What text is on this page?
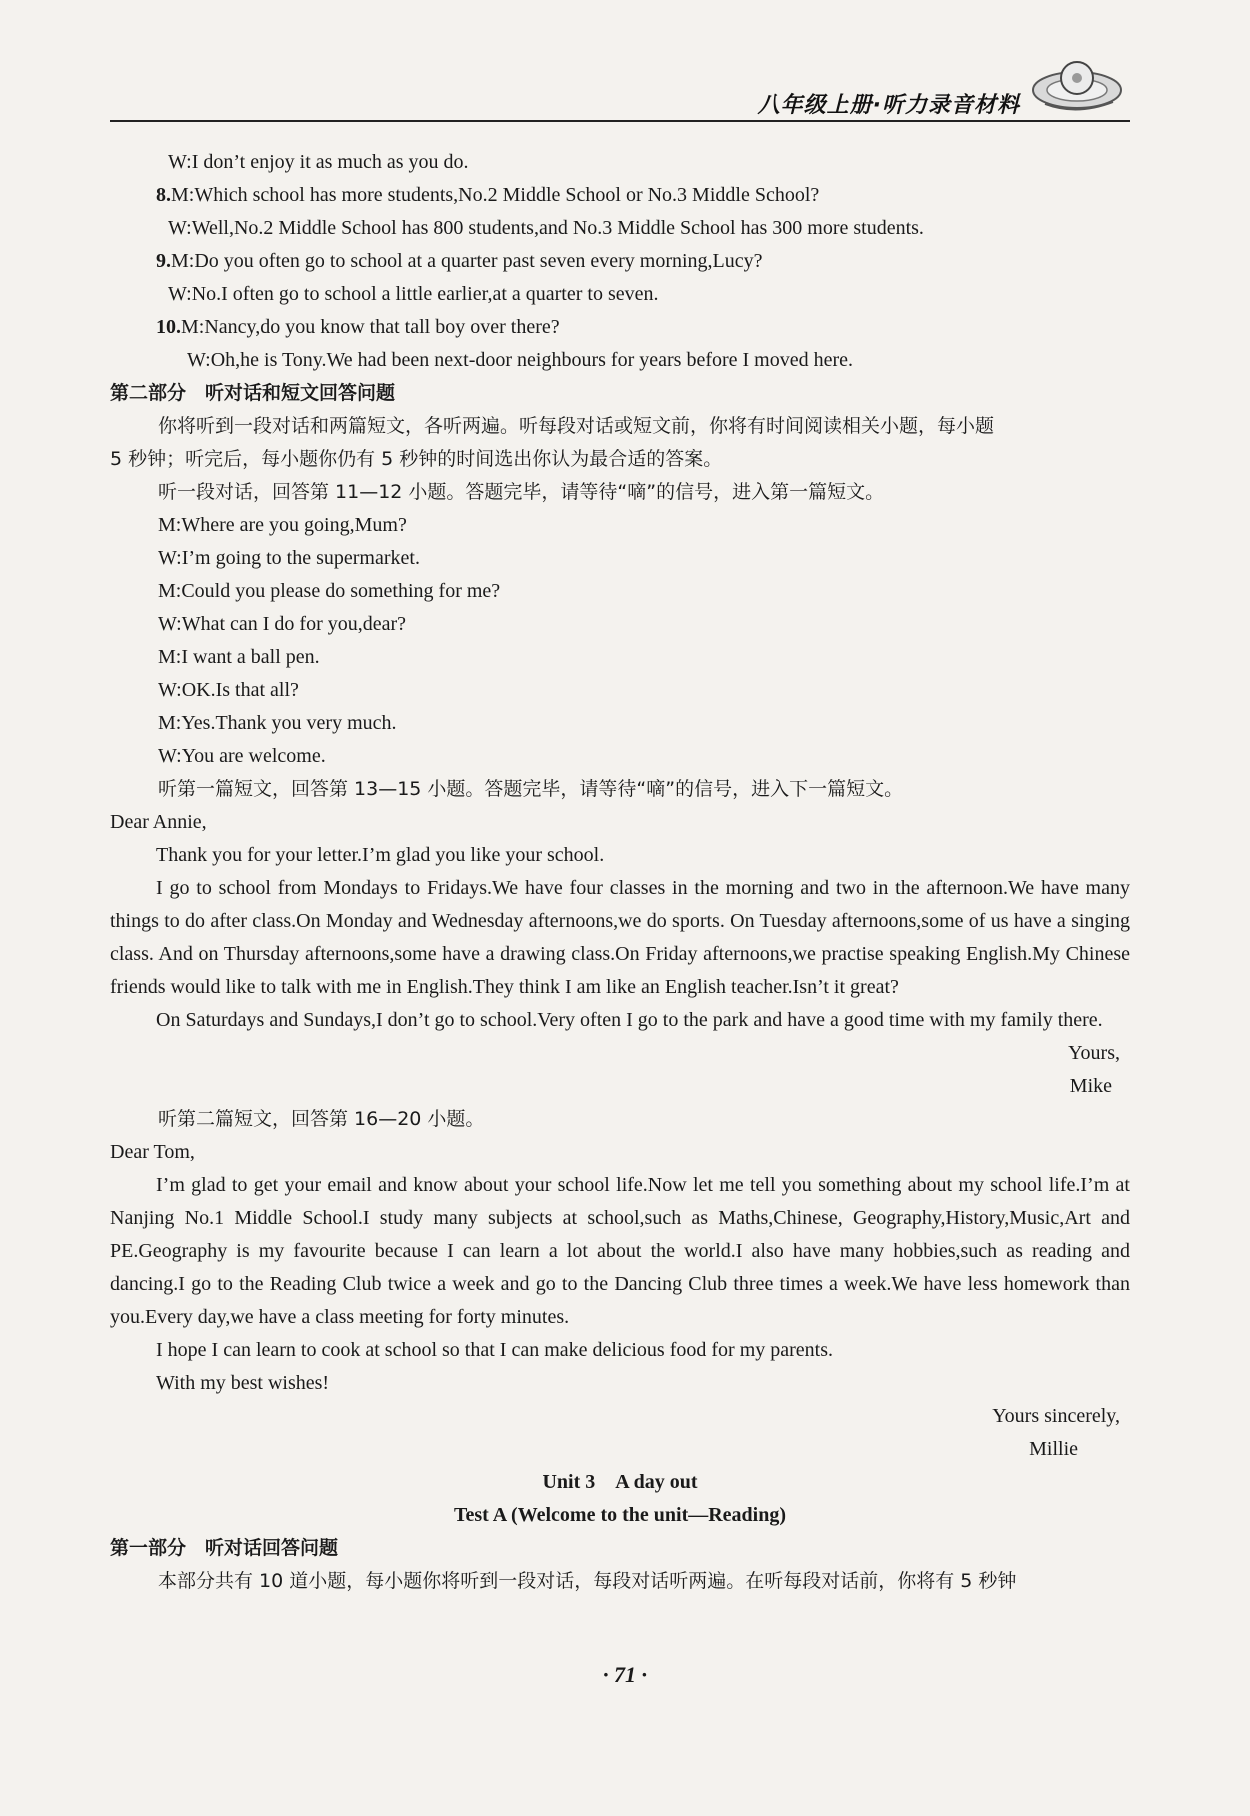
八年级上册·听力录音材料
W:I don’t enjoy it as much as you do.
8.M:Which school has more students,No.2 Middle School or No.3 Middle School?
W:Well,No.2 Middle School has 800 students,and No.3 Middle School has 300 more students.
9.M:Do you often go to school at a quarter past seven every morning,Lucy?
W:No.I often go to school a little earlier,at a quarter to seven.
10.M:Nancy,do you know that tall boy over there?
W:Oh,he is Tony.We had been next-door neighbours for years before I moved here.
第二部分　听对话和短文回答问题
你将听到一段对话和两篇短文，各听两遍。听每段对话或短文前，你将有时间阅读相关小题，每小题
5 秒钟；听完后，每小题你仍有 5 秒钟的时间选出你认为最合适的答案。
听一段对话，回答第 11—12 小题。答题完毕，请等待“嘀”的信号，进入第一篇短文。
M:Where are you going,Mum?
W:I’m going to the supermarket.
M:Could you please do something for me?
W:What can I do for you,dear?
M:I want a ball pen.
W:OK.Is that all?
M:Yes.Thank you very much.
W:You are welcome.
听第一篇短文，回答第 13—15 小题。答题完毕，请等待“嘀”的信号，进入下一篇短文。
Dear Annie,
Thank you for your letter.I’m glad you like your school.
I go to school from Mondays to Fridays.We have four classes in the morning and two in the afternoon.We have many things to do after class.On Monday and Wednesday afternoons,we do sports. On Tuesday afternoons,some of us have a singing class. And on Thursday afternoons,some have a drawing class.On Friday afternoons,we practise speaking English.My Chinese friends would like to talk with me in English.They think I am like an English teacher.Isn’t it great?
On Saturdays and Sundays,I don’t go to school.Very often I go to the park and have a good time with my family there.
Yours,
Mike
听第二篇短文，回答第 16—20 小题。
Dear Tom,
I’m glad to get your email and know about your school life.Now let me tell you something about my school life.I’m at Nanjing No.1 Middle School.I study many subjects at school,such as Maths,Chinese, Geography,History,Music,Art and PE.Geography is my favourite because I can learn a lot about the world.I also have many hobbies,such as reading and dancing.I go to the Reading Club twice a week and go to the Dancing Club three times a week.We have less homework than you.Every day,we have a class meeting for forty minutes.
I hope I can learn to cook at school so that I can make delicious food for my parents.
With my best wishes!
Yours sincerely,
Millie
Unit 3　A day out
Test A (Welcome to the unit—Reading)
第一部分　听对话回答问题
本部分共有 10 道小题，每小题你将听到一段对话，每段对话听两遍。在听每段对话前，你将有 5 秒钟
· 71 ·
